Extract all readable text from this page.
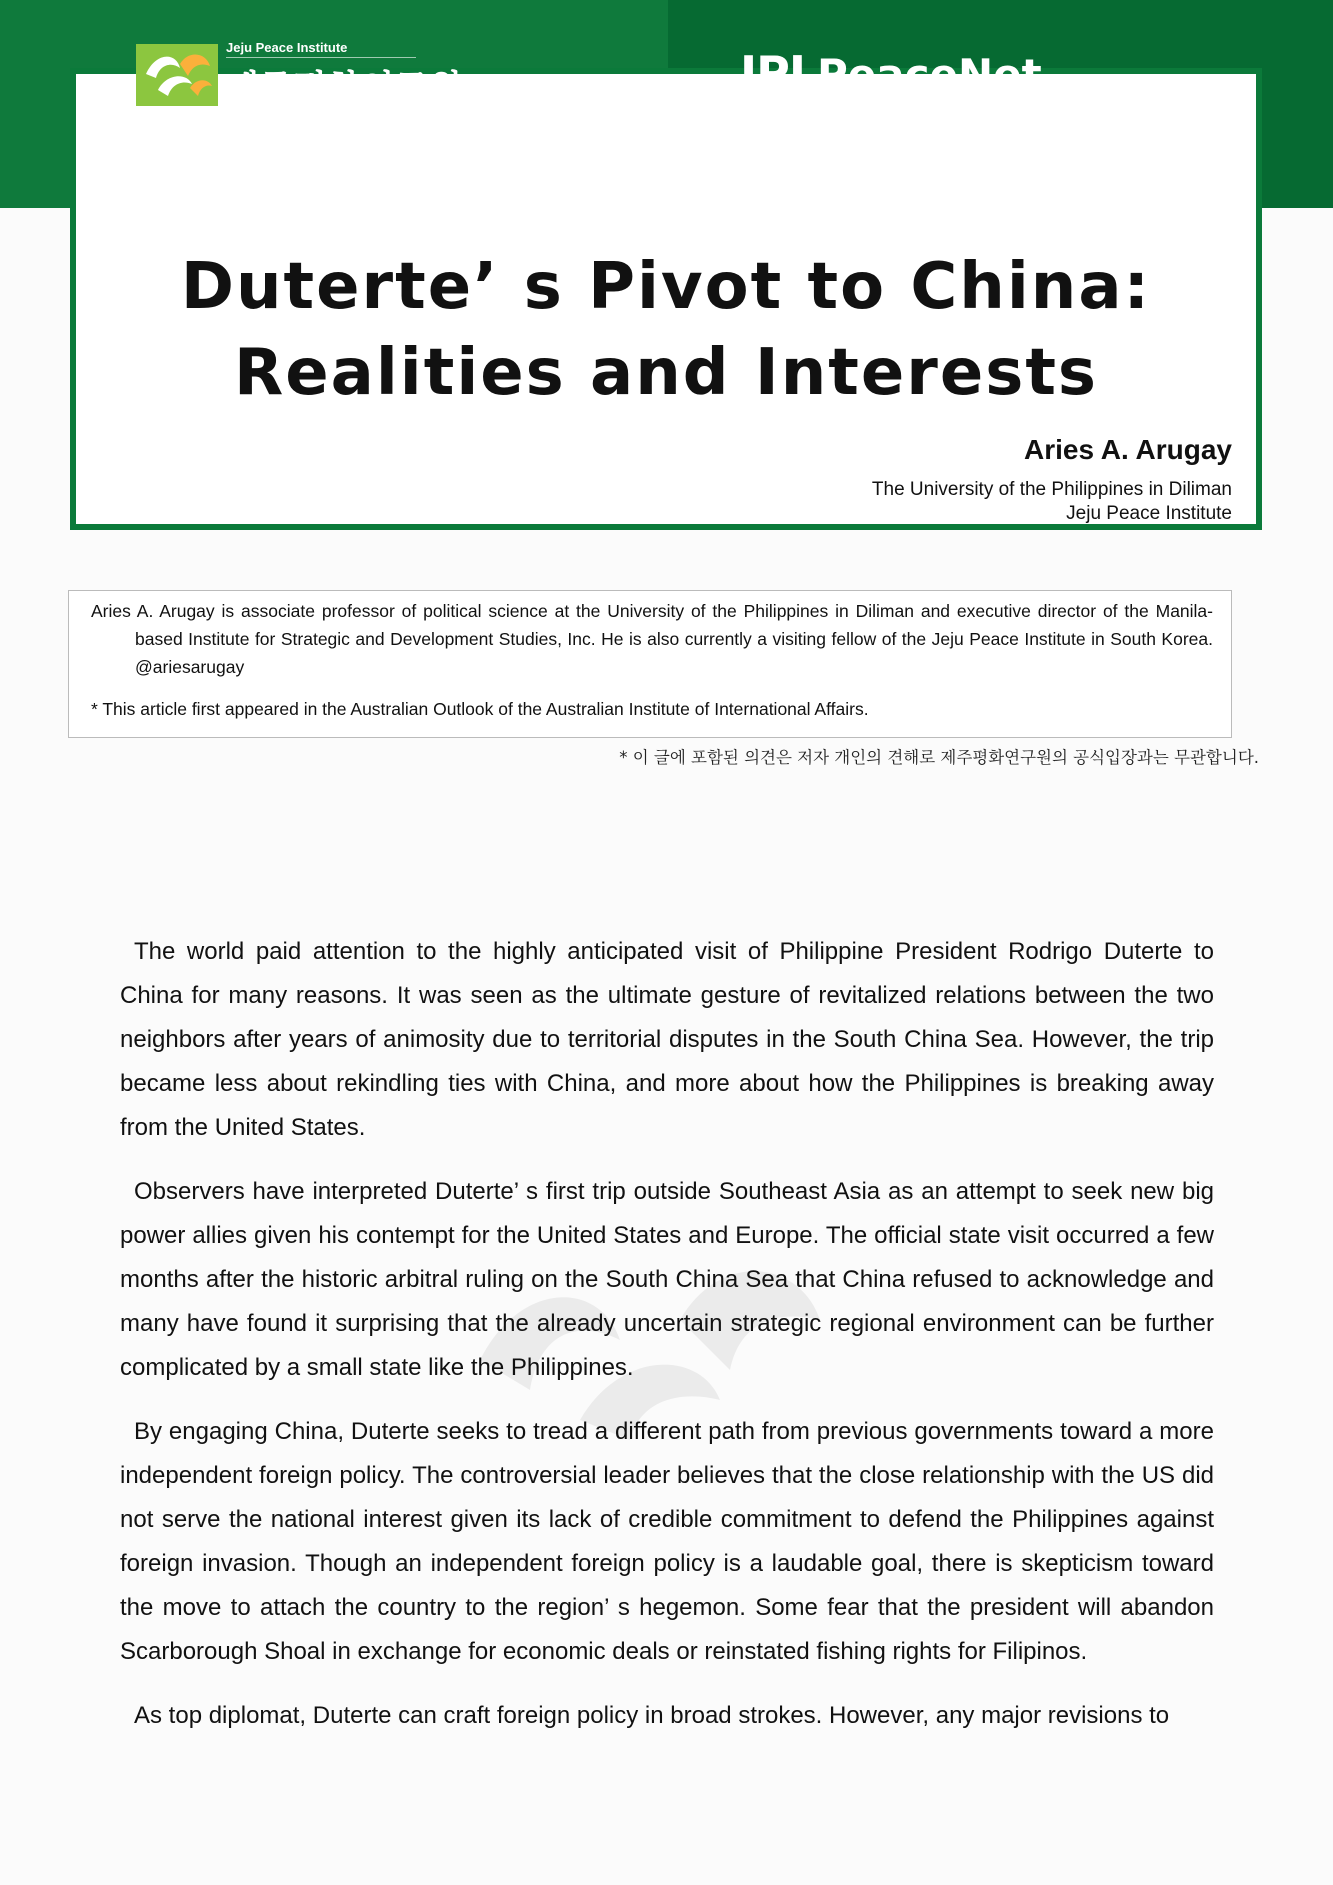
Duterte’ s Pivot to China:
Realities and Interests
Aries A. Arugay
The University of the Philippines in Diliman
Jeju Peace Institute
Jeju Peace Institute
제주평화연구원	JPI PeaceNet
Aries A. Arugay is associate professor of political science at the University of the Philippines in Diliman and executive director of the Manila-based Institute for Strategic and Development Studies, Inc. He is also currently a visiting fellow of the Jeju Peace Institute in South Korea. @ariesarugay
* This article first appeared in the Australian Outlook of the Australian Institute of International Affairs.
* 이 글에 포함된 의견은 저자 개인의 견해로 제주평화연구원의 공식입장과는 무관합니다.

The world paid attention to the highly anticipated visit of Philippine President Rodrigo Duterte to China for many reasons. It was seen as the ultimate gesture of revitalized relations between the two neighbors after years of animosity due to territorial disputes in the South China Sea. However, the trip became less about rekindling ties with China, and more about how the Philippines is breaking away from the United States.

Observers have interpreted Duterte’ s first trip outside Southeast Asia as an attempt to seek new big power allies given his contempt for the United States and Europe. The official state visit occurred a few months after the historic arbitral ruling on the South China Sea that China refused to acknowledge and many have found it surprising that the already uncertain strategic regional environment can be further complicated by a small state like the Philippines.

By engaging China, Duterte seeks to tread a different path from previous governments toward a more independent foreign policy. The controversial leader believes that the close relationship with the US did not serve the national interest given its lack of credible commitment to defend the Philippines against foreign invasion. Though an independent foreign policy is a laudable goal, there is skepticism toward the move to attach the country to the region’ s hegemon. Some fear that the president will abandon Scarborough Shoal in exchange for economic deals or reinstated fishing rights for Filipinos.

As top diplomat, Duterte can craft foreign policy in broad strokes. However, any major revisions to
